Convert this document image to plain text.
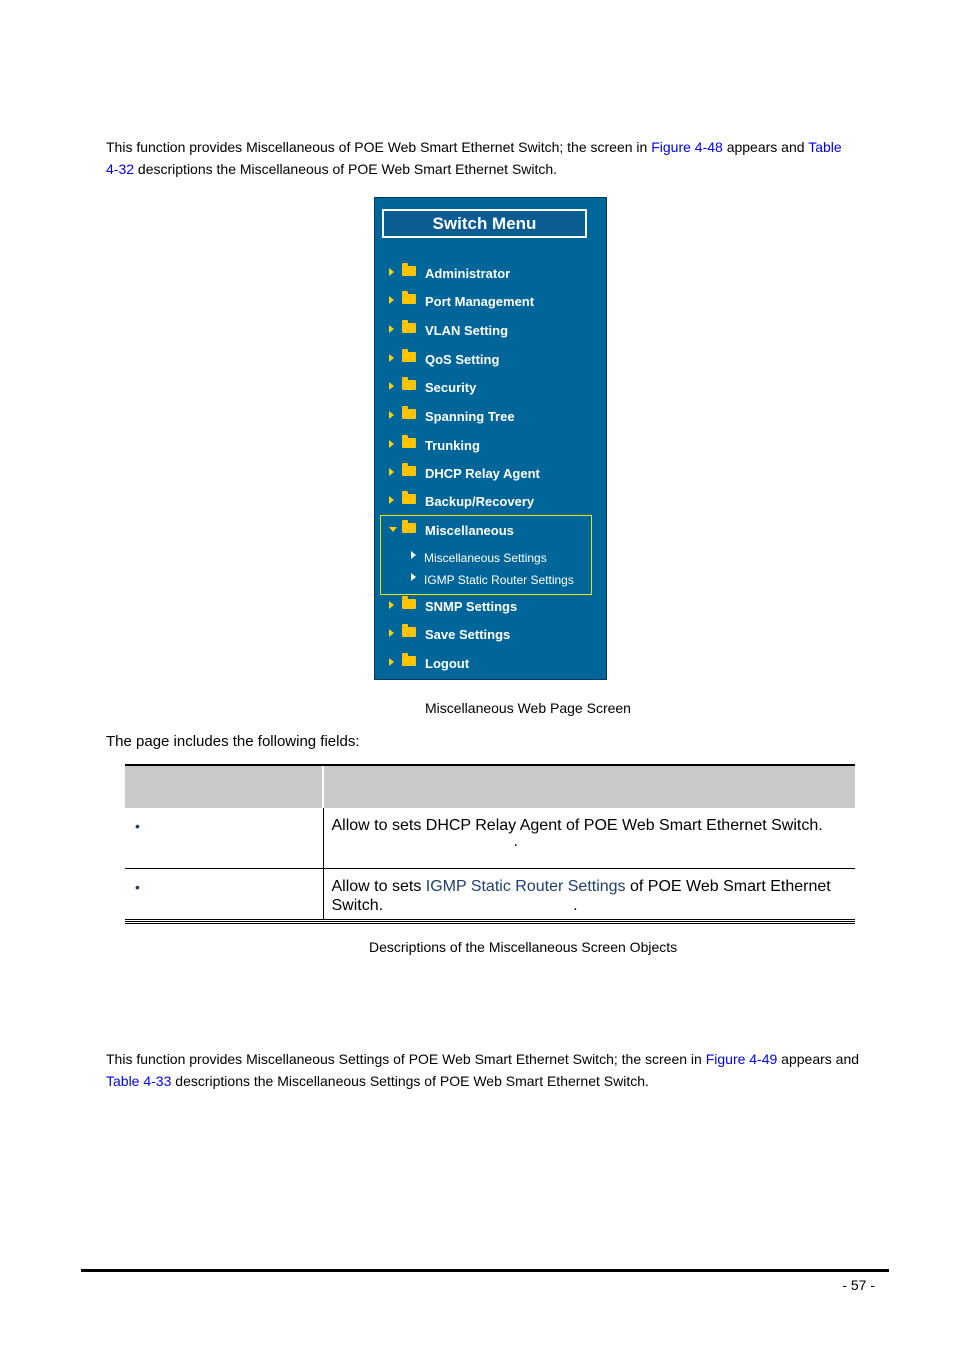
This function provides Miscellaneous of POE Web Smart Ethernet Switch; the screen in Figure 4-48 appears and Table
4-32 descriptions the Miscellaneous of POE Web Smart Ethernet Switch.
Switch Menu
Administrator
Port Management
VLAN Setting
QoS Setting
Security
Spanning Tree
Trunking
DHCP Relay Agent
Backup/Recovery
Miscellaneous
Miscellaneous Settings
IGMP Static Router Settings
SNMP Settings
Save Settings
Logout
Miscellaneous Web Page Screen
The page includes the following fields:

•	Allow to sets DHCP Relay Agent of POE Web Smart Ethernet Switch.
.

•	Allow to sets IGMP Static Router Settings of POE Web Smart Ethernet Switch. .
Descriptions of the Miscellaneous Screen Objects
This function provides Miscellaneous Settings of POE Web Smart Ethernet Switch; the screen in Figure 4-49 appears and
Table 4-33 descriptions the Miscellaneous Settings of POE Web Smart Ethernet Switch.
- 57 -
